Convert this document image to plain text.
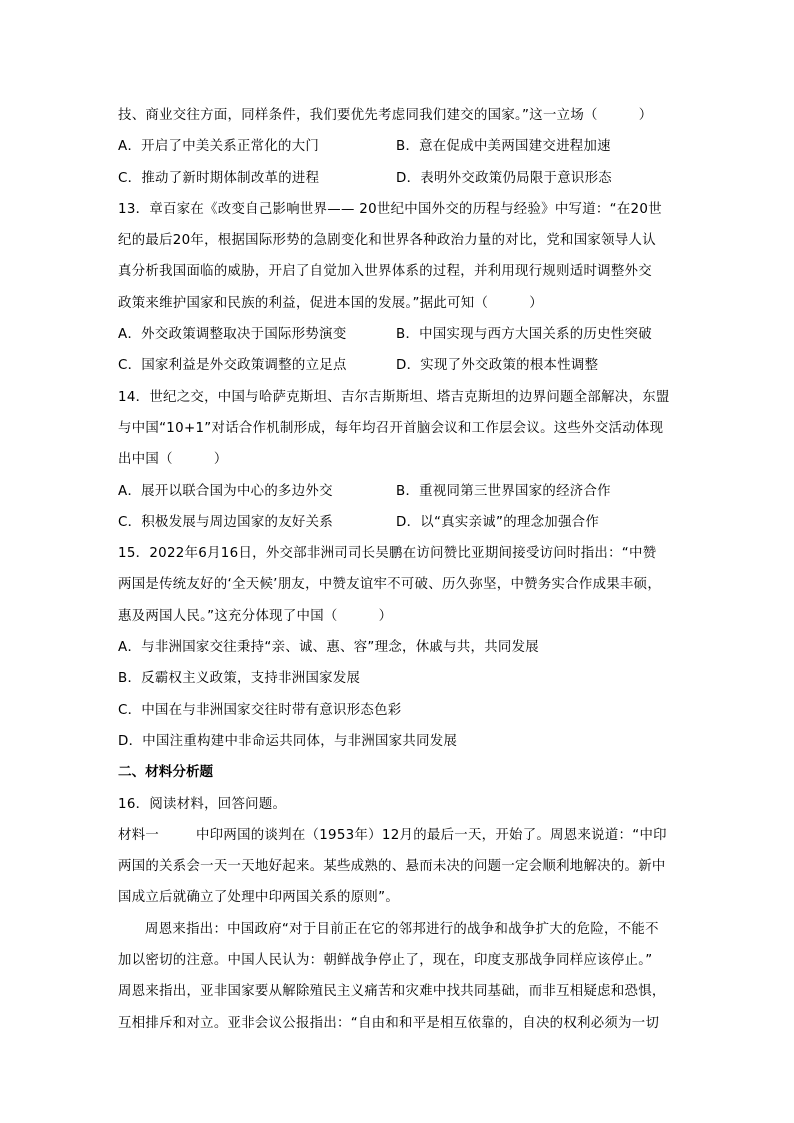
技、商业交往方面，同样条件，我们要优先考虑同我们建交的国家。”这一立场（　　　）
A．开启了中美关系正常化的大门	B．意在促成中美两国建交进程加速
C．推动了新时期体制改革的进程	D．表明外交政策仍局限于意识形态
13．章百家在《改变自己影响世界—— 20世纪中国外交的历程与经验》中写道：“在20世
纪的最后20年，根据国际形势的急剧变化和世界各种政治力量的对比，党和国家领导人认
真分析我国面临的威胁，开启了自觉加入世界体系的过程，并利用现行规则适时调整外交
政策来维护国家和民族的利益，促进本国的发展。”据此可知（　　　）
A．外交政策调整取决于国际形势演变	B．中国实现与西方大国关系的历史性突破
C．国家利益是外交政策调整的立足点	D．实现了外交政策的根本性调整
14．世纪之交，中国与哈萨克斯坦、吉尔吉斯斯坦、塔吉克斯坦的边界问题全部解决，东盟
与中国“10+1”对话合作机制形成，每年均召开首脑会议和工作层会议。这些外交活动体现
出中国（　　　）
A．展开以联合国为中心的多边外交	B．重视同第三世界国家的经济合作
C．积极发展与周边国家的友好关系	D．以“真实亲诚”的理念加强合作
15．2022年6月16日，外交部非洲司司长吴鹏在访问赞比亚期间接受访问时指出：“中赞
两国是传统友好的‘全天候’朋友，中赞友谊牢不可破、历久弥坚，中赞务实合作成果丰硕，
惠及两国人民。”这充分体现了中国（　　　）
A．与非洲国家交往秉持“亲、诚、惠、容”理念，休戚与共，共同发展
B．反霸权主义政策，支持非洲国家发展
C．中国在与非洲国家交往时带有意识形态色彩
D．中国注重构建中非命运共同体，与非洲国家共同发展
二、材料分析题
16．阅读材料，回答问题。
材料一	中印两国的谈判在（1953年）12月的最后一天，开始了。周恩来说道：“中印
两国的关系会一天一天地好起来。某些成熟的、悬而未决的问题一定会顺利地解决的。新中
国成立后就确立了处理中印两国关系的原则”。
周恩来指出：中国政府“对于目前正在它的邻邦进行的战争和战争扩大的危险，不能不
加以密切的注意。中国人民认为：朝鲜战争停止了，现在，印度支那战争同样应该停止。”
周恩来指出，亚非国家要从解除殖民主义痛苦和灾难中找共同基础，而非互相疑虑和恐惧，
互相排斥和对立。亚非会议公报指出：“自由和和平是相互依靠的，自决的权利必须为一切
